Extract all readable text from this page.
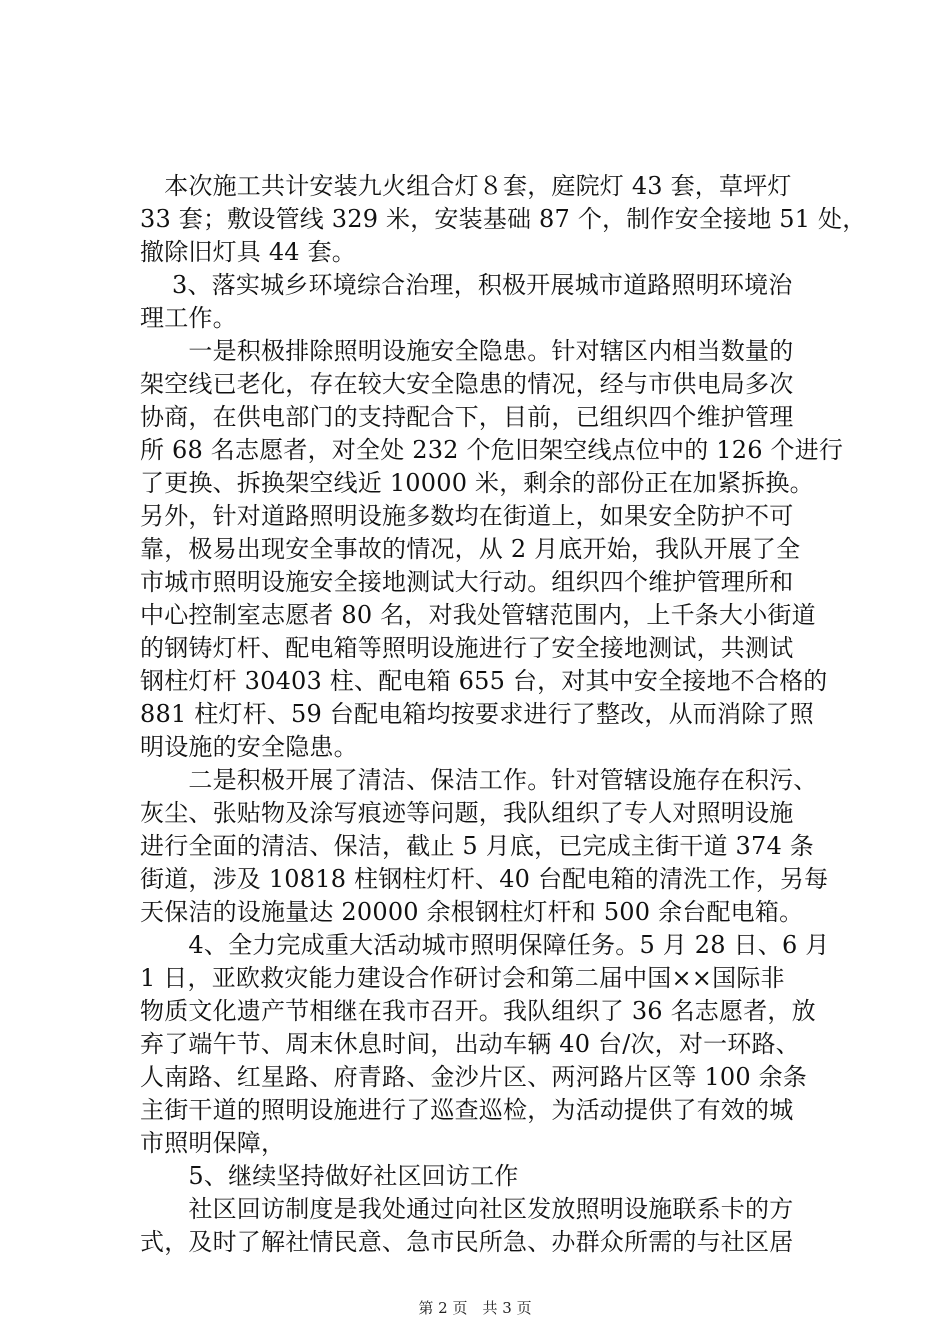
　本次施工共计安装九火组合灯８套，庭院灯 43 套，草坪灯
33 套；敷设管线 329 米，安装基础 87 个，制作安全接地 51 处，
撤除旧灯具 44 套。
　 3、落实城乡环境综合治理，积极开展城市道路照明环境治
理工作。
　　一是积极排除照明设施安全隐患。针对辖区内相当数量的
架空线已老化，存在较大安全隐患的情况，经与市供电局多次
协商，在供电部门的支持配合下，目前，已组织四个维护管理
所 68 名志愿者，对全处 232 个危旧架空线点位中的 126 个进行
了更换、拆换架空线近 10000 米，剩余的部份正在加紧拆换。
另外，针对道路照明设施多数均在街道上，如果安全防护不可
靠，极易出现安全事故的情况，从 2 月底开始，我队开展了全
市城市照明设施安全接地测试大行动。组织四个维护管理所和
中心控制室志愿者 80 名，对我处管辖范围内，上千条大小街道
的钢铸灯杆、配电箱等照明设施进行了安全接地测试，共测试
钢柱灯杆 30403 柱、配电箱 655 台，对其中安全接地不合格的
881 柱灯杆、59 台配电箱均按要求进行了整改，从而消除了照
明设施的安全隐患。
　　二是积极开展了清洁、保洁工作。针对管辖设施存在积污、
灰尘、张贴物及涂写痕迹等问题，我队组织了专人对照明设施
进行全面的清洁、保洁，截止 5 月底，已完成主街干道 374 条
街道，涉及 10818 柱钢柱灯杆、40 台配电箱的清洗工作，另每
天保洁的设施量达 20000 余根钢柱灯杆和 500 余台配电箱。
　　4、全力完成重大活动城市照明保障任务。5 月 28 日、6 月
1 日，亚欧救灾能力建设合作研讨会和第二届中国××国际非
物质文化遗产节相继在我市召开。我队组织了 36 名志愿者，放
弃了端午节、周末休息时间，出动车辆 40 台/次，对一环路、
人南路、红星路、府青路、金沙片区、两河路片区等 100 余条
主街干道的照明设施进行了巡查巡检，为活动提供了有效的城
市照明保障，
　　5、继续坚持做好社区回访工作
　　社区回访制度是我处通过向社区发放照明设施联系卡的方
式，及时了解社情民意、急市民所急、办群众所需的与社区居
第 2 页　共 3 页
